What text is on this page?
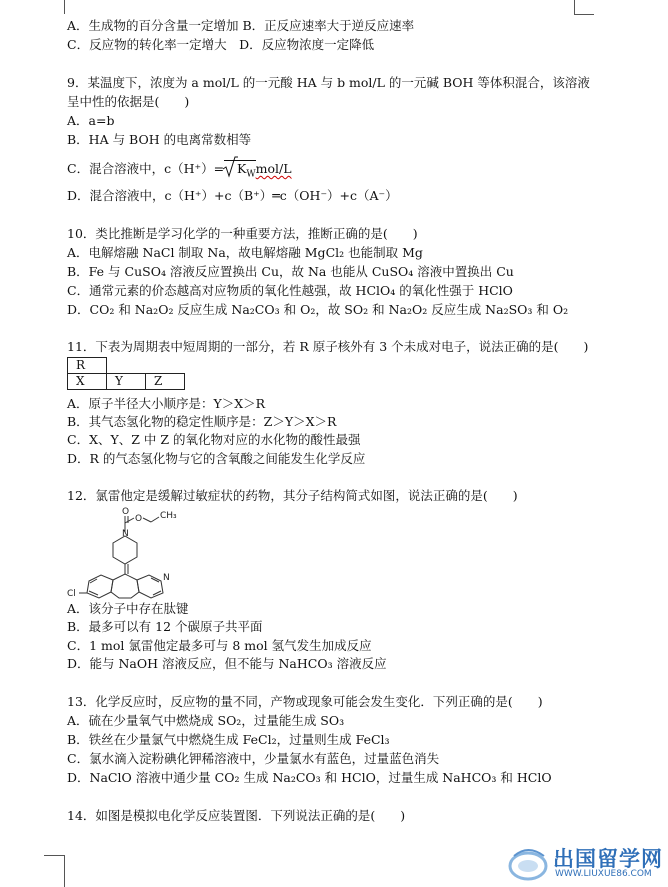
A．生成物的百分含量一定增加 B．正反应速率大于逆反应速率
C．反应物的转化率一定增大　D．反应物浓度一定降低
9．某温度下，浓度为 a mol/L 的一元酸 HA 与 b mol/L 的一元碱 BOH 等体积混合，该溶液
呈中性的依据是(　　)
A．a=b
B．HA 与 BOH 的电离常数相等
C．混合溶液中，$c(H^+)= K_Wmol/L$
D．混合溶液中，c（H⁺）+c（B⁺）═c（OH⁻）+c（A⁻）
10．类比推断是学习化学的一种重要方法，推断正确的是(　　)
A．电解熔融 NaCl 制取 Na，故电解熔融 MgCl₂ 也能制取 Mg
B．Fe 与 CuSO₄ 溶液反应置换出 Cu，故 Na 也能从 CuSO₄ 溶液中置换出 Cu
C．通常元素的价态越高对应物质的氧化性越强，故 HClO₄ 的氧化性强于 HClO
D．CO₂ 和 Na₂O₂ 反应生成 Na₂CO₃ 和 O₂，故 SO₂ 和 Na₂O₂ 反应生成 Na₂SO₃ 和 O₂
11．下表为周期表中短周期的一部分，若 R 原子核外有 3 个未成对电子，说法正确的是(　　)
R		
X	Y	Z
A．原子半径大小顺序是：Y＞X＞R
B．其气态氢化物的稳定性顺序是：Z＞Y＞X＞R
C．X、Y、Z 中 Z 的氧化物对应的水化物的酸性最强
D．R 的气态氢化物与它的含氧酸之间能发生化学反应
12．氯雷他定是缓解过敏症状的药物，其分子结构简式如图，说法正确的是(　　)
O
O CH₃
N
N
Cl
A．该分子中存在肽键
B．最多可以有 12 个碳原子共平面
C．1 mol 氯雷他定最多可与 8 mol 氢气发生加成反应
D．能与 NaOH 溶液反应，但不能与 NaHCO₃ 溶液反应
13．化学反应时，反应物的量不同，产物或现象可能会发生变化．下列正确的是(　　)
A．硫在少量氧气中燃烧成 SO₂，过量能生成 SO₃
B．铁丝在少量氯气中燃烧生成 FeCl₂，过量则生成 FeCl₃
C．氯水滴入淀粉碘化钾稀溶液中，少量氯水有蓝色，过量蓝色消失
D．NaClO 溶液中通少量 CO₂ 生成 Na₂CO₃ 和 HClO，过量生成 NaHCO₃ 和 HClO
14．如图是模拟电化学反应装置图．下列说法正确的是(　　)
出国留学网
WWW.LIUXUE86.COM
